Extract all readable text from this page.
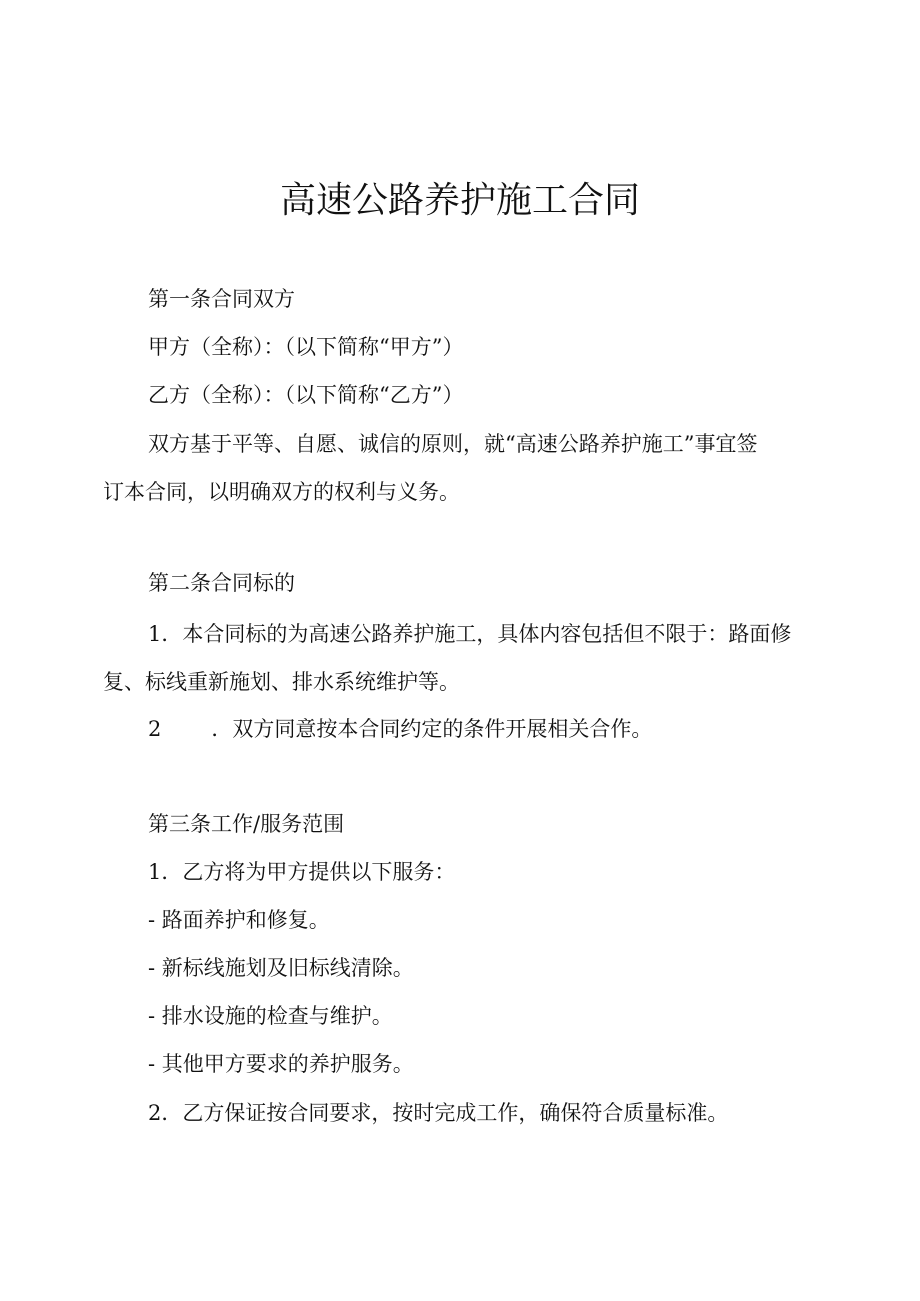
高速公路养护施工合同
第一条合同双方
甲方（全称）：（以下简称“甲方”）
乙方（全称）：（以下简称“乙方”）
双方基于平等、自愿、诚信的原则，就“高速公路养护施工”事宜签
订本合同，以明确双方的权利与义务。
第二条合同标的
1．本合同标的为高速公路养护施工，具体内容包括但不限于：路面修
复、标线重新施划、排水系统维护等。
2 ．双方同意按本合同约定的条件开展相关合作。
第三条工作/服务范围
1．乙方将为甲方提供以下服务：
- 路面养护和修复。
- 新标线施划及旧标线清除。
- 排水设施的检查与维护。
- 其他甲方要求的养护服务。
2．乙方保证按合同要求，按时完成工作，确保符合质量标准。
